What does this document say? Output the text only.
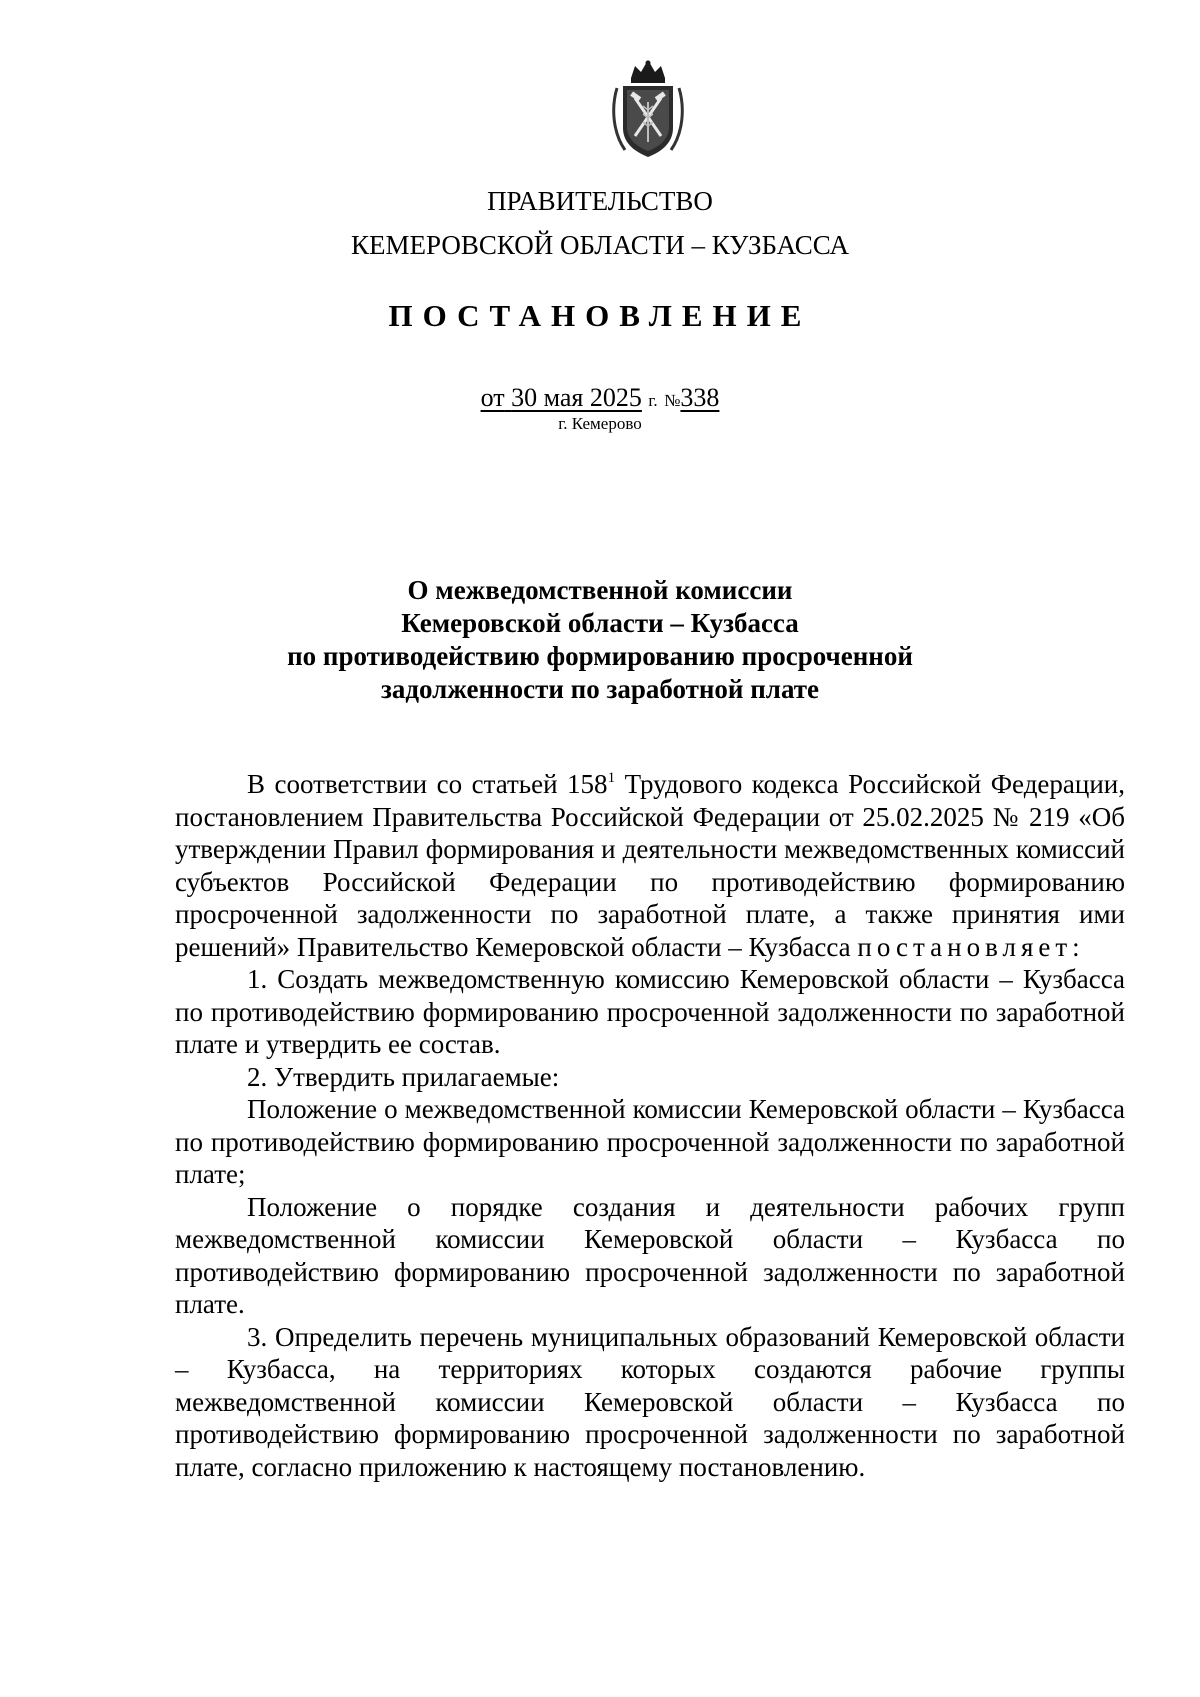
ПРАВИТЕЛЬСТВО
КЕМЕРОВСКОЙ ОБЛАСТИ – КУЗБАССА
ПОСТАНОВЛЕНИЕ
от 30 мая 2025 г. №338
г. Кемерово
О межведомственной комиссии
Кемеровской области – Кузбасса
по противодействию формированию просроченной
задолженности по заработной плате

В соответствии со статьей $158^1$ Трудового кодекса Российской Федерации, постановлением Правительства Российской Федерации от 25.02.2025 № 219 «Об утверждении Правил формирования и деятельности межведомственных комиссий субъектов Российской Федерации по противодействию формированию просроченной задолженности по заработной плате, а также принятия ими решений» Правительство Кемеровской области – Кузбасса постановляет:

1. Создать межведомственную комиссию Кемеровской области – Кузбасса по противодействию формированию просроченной задолженности по заработной плате и утвердить ее состав.

2. Утвердить прилагаемые:

Положение о межведомственной комиссии Кемеровской области – Кузбасса по противодействию формированию просроченной задолженности по заработной плате;

Положение о порядке создания и деятельности рабочих групп межведомственной комиссии Кемеровской области – Кузбасса по противодействию формированию просроченной задолженности по заработной плате.

3. Определить перечень муниципальных образований Кемеровской области – Кузбасса, на территориях которых создаются рабочие группы межведомственной комиссии Кемеровской области – Кузбасса по противодействию формированию просроченной задолженности по заработной плате, согласно приложению к настоящему постановлению.
